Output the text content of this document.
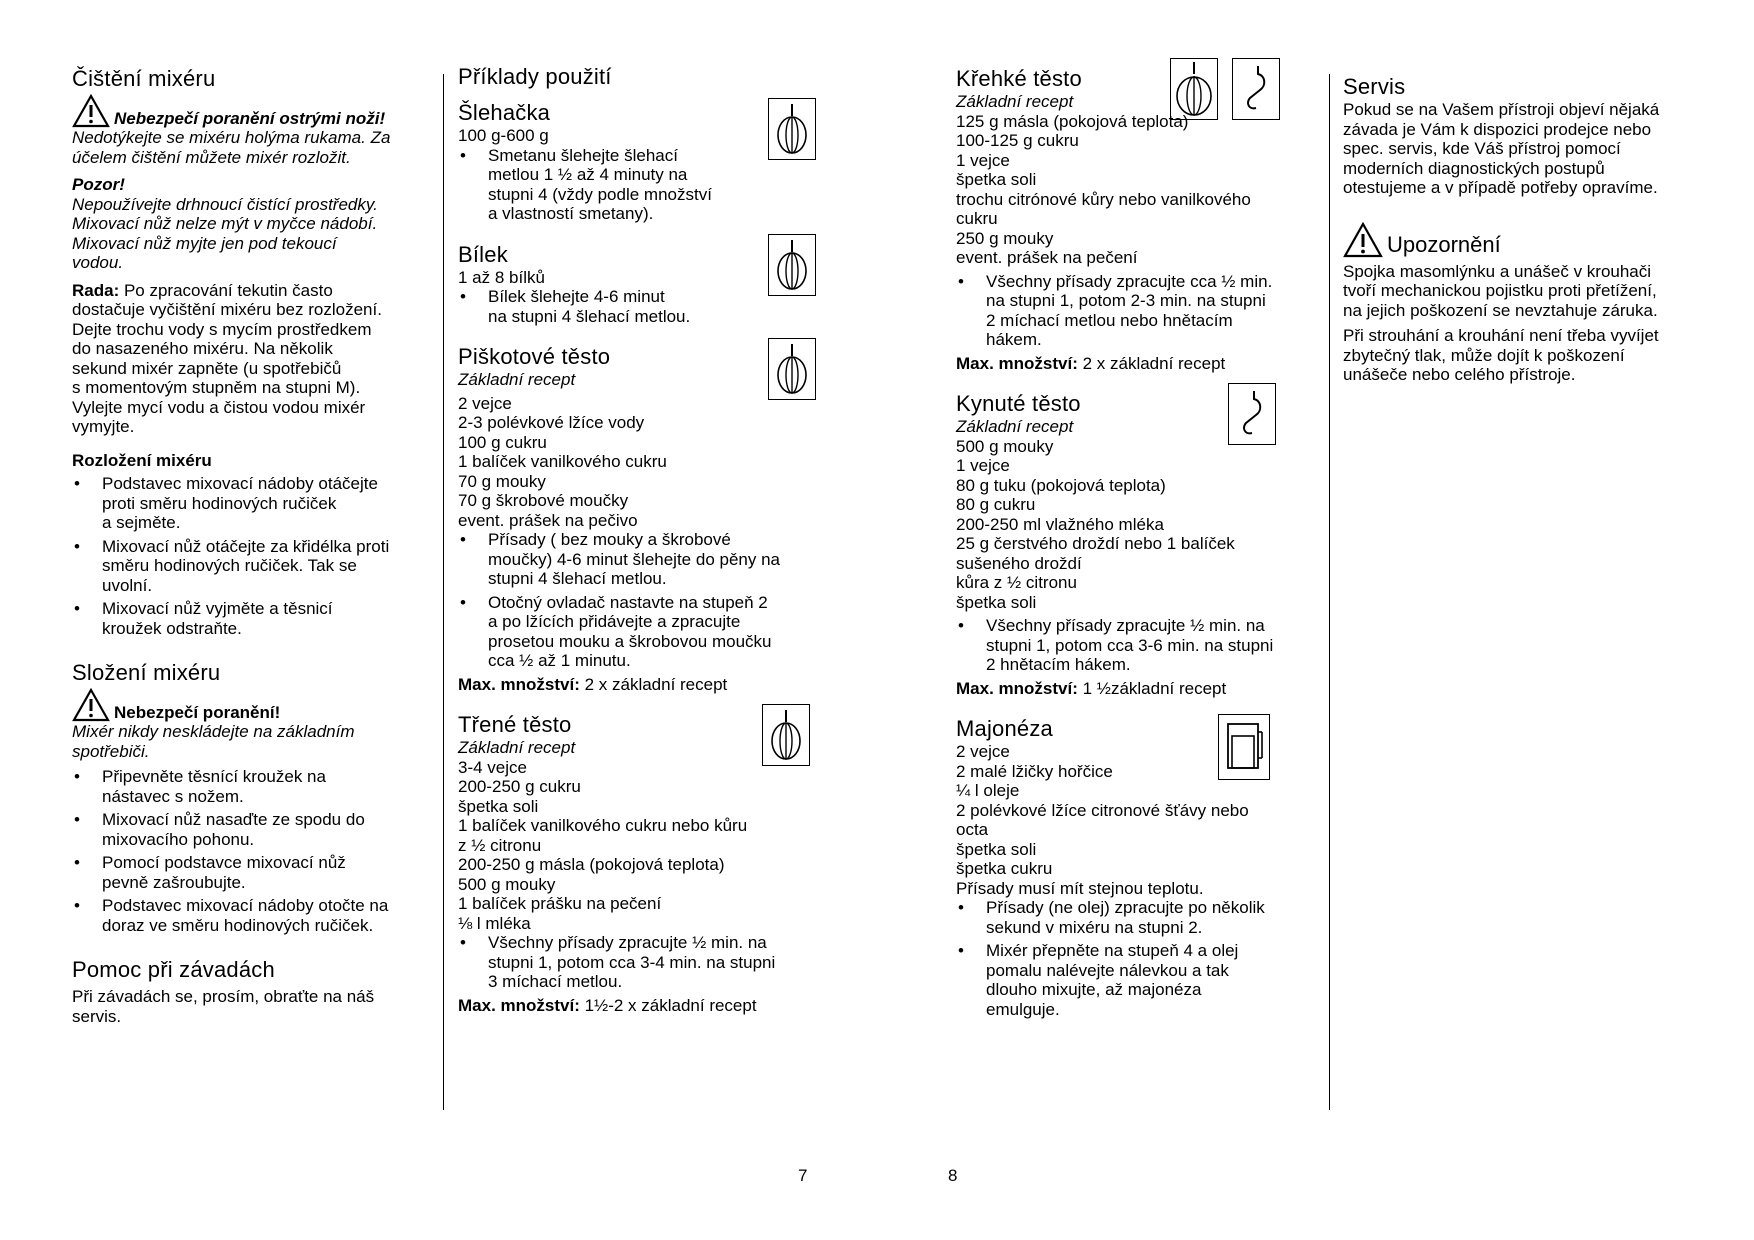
Čištění mixéru
Nebezpečí poranění ostrými noži!

Nedotýkejte se mixéru holýma rukama. Za
účelem čištění můžete mixér rozložit.

Pozor!

Nepoužívejte drhnoucí čistící prostředky.
Mixovací nůž nelze mýt v myčce nádobí.
Mixovací nůž myjte jen pod tekoucí
vodou.

Rada: Po zpracování tekutin často
dostačuje vyčištění mixéru bez rozložení.
Dejte trochu vody s mycím prostředkem
do nasazeného mixéru. Na několik
sekund mixér zapněte (u spotřebičů
s momentovým stupněm na stupni M).
Vylejte mycí vodu a čistou vodou mixér
vymyjte.

Rozložení mixéru

• Podstavec mixovací nádoby otáčejte
proti směru hodinových ručiček
a sejměte.
• Mixovací nůž otáčejte za křidélka proti
směru hodinových ručiček. Tak se
uvolní.
• Mixovací nůž vyjměte a těsnicí
kroužek odstraňte.
Složení mixéru
Nebezpečí poranění!

Mixér nikdy neskládejte na základním
spotřebiči.

• Připevněte těsnící kroužek na
nástavec s nožem.
• Mixovací nůž nasaďte ze spodu do
mixovacího pohonu.
• Pomocí podstavce mixovací nůž
pevně zašroubujte.
• Podstavec mixovací nádoby otočte na
doraz ve směru hodinových ručiček.
Pomoc při závadách

Při závadách se, prosím, obraťte na náš
servis.

Příklady použití
Šlehačka

100 g-600 g

• Smetanu šlehejte šlehací
metlou 1 ½ až 4 minuty na
stupni 4 (vždy podle množství
a vlastností smetany).
Bílek

1 až 8 bílků

• Bílek šlehejte 4-6 minut
na stupni 4 šlehací metlou.
Piškotové těsto

Základní recept

2 vejce
2-3 polévkové lžíce vody
100 g cukru
1 balíček vanilkového cukru
70 g mouky
70 g škrobové moučky
event. prášek na pečivo

• Přísady ( bez mouky a škrobové
moučky) 4-6 minut šlehejte do pěny na
stupni 4 šlehací metlou.
• Otočný ovladač nastavte na stupeň 2
a po lžících přidávejte a zpracujte
prosetou mouku a škrobovou moučku
cca ½ až 1 minutu.

Max. množství: 2 x základní recept

Třené těsto

Základní recept

3-4 vejce
200-250 g cukru
špetka soli
1 balíček vanilkového cukru nebo kůru
z ½ citronu
200-250 g másla (pokojová teplota)
500 g mouky
1 balíček prášku na pečení
⅛ l mléka

• Všechny přísady zpracujte ½ min. na
stupni 1, potom cca 3-4 min. na stupni
3 míchací metlou.

Max. množství: 1½-2 x základní recept

Křehké těsto

Základní recept

125 g másla (pokojová teplota)
100-125 g cukru
1 vejce
špetka soli
trochu citrónové kůry nebo vanilkového
cukru
250 g mouky
event. prášek na pečení

• Všechny přísady zpracujte cca ½ min.
na stupni 1, potom 2-3 min. na stupni
2 míchací metlou nebo hnětacím
hákem.

Max. množství: 2 x základní recept

Kynuté těsto

Základní recept

500 g mouky
1 vejce
80 g tuku (pokojová teplota)
80 g cukru
200-250 ml vlažného mléka
25 g čerstvého droždí nebo 1 balíček
sušeného droždí
kůra z ½ citronu
špetka soli

• Všechny přísady zpracujte ½ min. na
stupni 1, potom cca 3-6 min. na stupni
2 hnětacím hákem.

Max. množství: 1 ½základní recept

Majonéza

2 vejce
2 malé lžičky hořčice
¼ l oleje
2 polévkové lžíce citronové šťávy nebo
octa
špetka soli
špetka cukru
Přísady musí mít stejnou teplotu.

• Přísady (ne olej) zpracujte po několik
sekund v mixéru na stupni 2.
• Mixér přepněte na stupeň 4 a olej
pomalu nalévejte nálevkou a tak
dlouho mixujte, až majonéza
emulguje.
Servis

Pokud se na Vašem přístroji objeví nějaká
závada je Vám k dispozici prodejce nebo
spec. servis, kde Váš přístroj pomocí
moderních diagnostických postupů
otestujeme a v případě potřeby opravíme.

Upozornění

Spojka masomlýnku a unášeč v krouhači
tvoří mechanickou pojistku proti přetížení,
na jejich poškození se nevztahuje záruka.

Při strouhání a krouhání není třeba vyvíjet
zbytečný tlak, může dojít k poškození
unášeče nebo celého přístroje.

7	8
